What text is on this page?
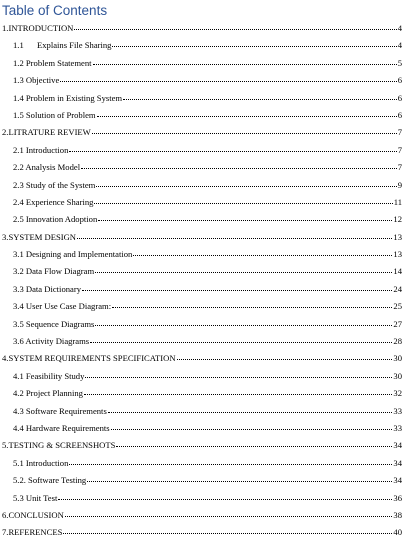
Table of Contents
1.INTRODUCTION	4
1.1 Explains File Sharing	4
1.2 Problem Statement	5
1.3 Objective	6
1.4 Problem in Existing System	6
1.5 Solution of Problem	6
2.LITRATURE REVIEW	7
2.1 Introduction	7
2.2 Analysis Model	7
2.3 Study of the System	9
2.4 Experience Sharing	11
2.5 Innovation Adoption	12
3.SYSTEM DESIGN	13
3.1 Designing and Implementation	13
3.2 Data Flow Diagram	14
3.3 Data Dictionary	24
3.4 User Use Case Diagram:	25
3.5 Sequence Diagrams	27
3.6 Activity Diagrams	28
4.SYSTEM REQUIREMENTS SPECIFICATION	30
4.1 Feasibility Study	30
4.2 Project Planning	32
4.3 Software Requirements	33
4.4 Hardware Requirements	33
5.TESTING & SCREENSHOTS	34
5.1 Introduction	34
5.2. Software Testing	34
5.3 Unit Test	36
6.CONCLUSION	38
7.REFERENCES	40
